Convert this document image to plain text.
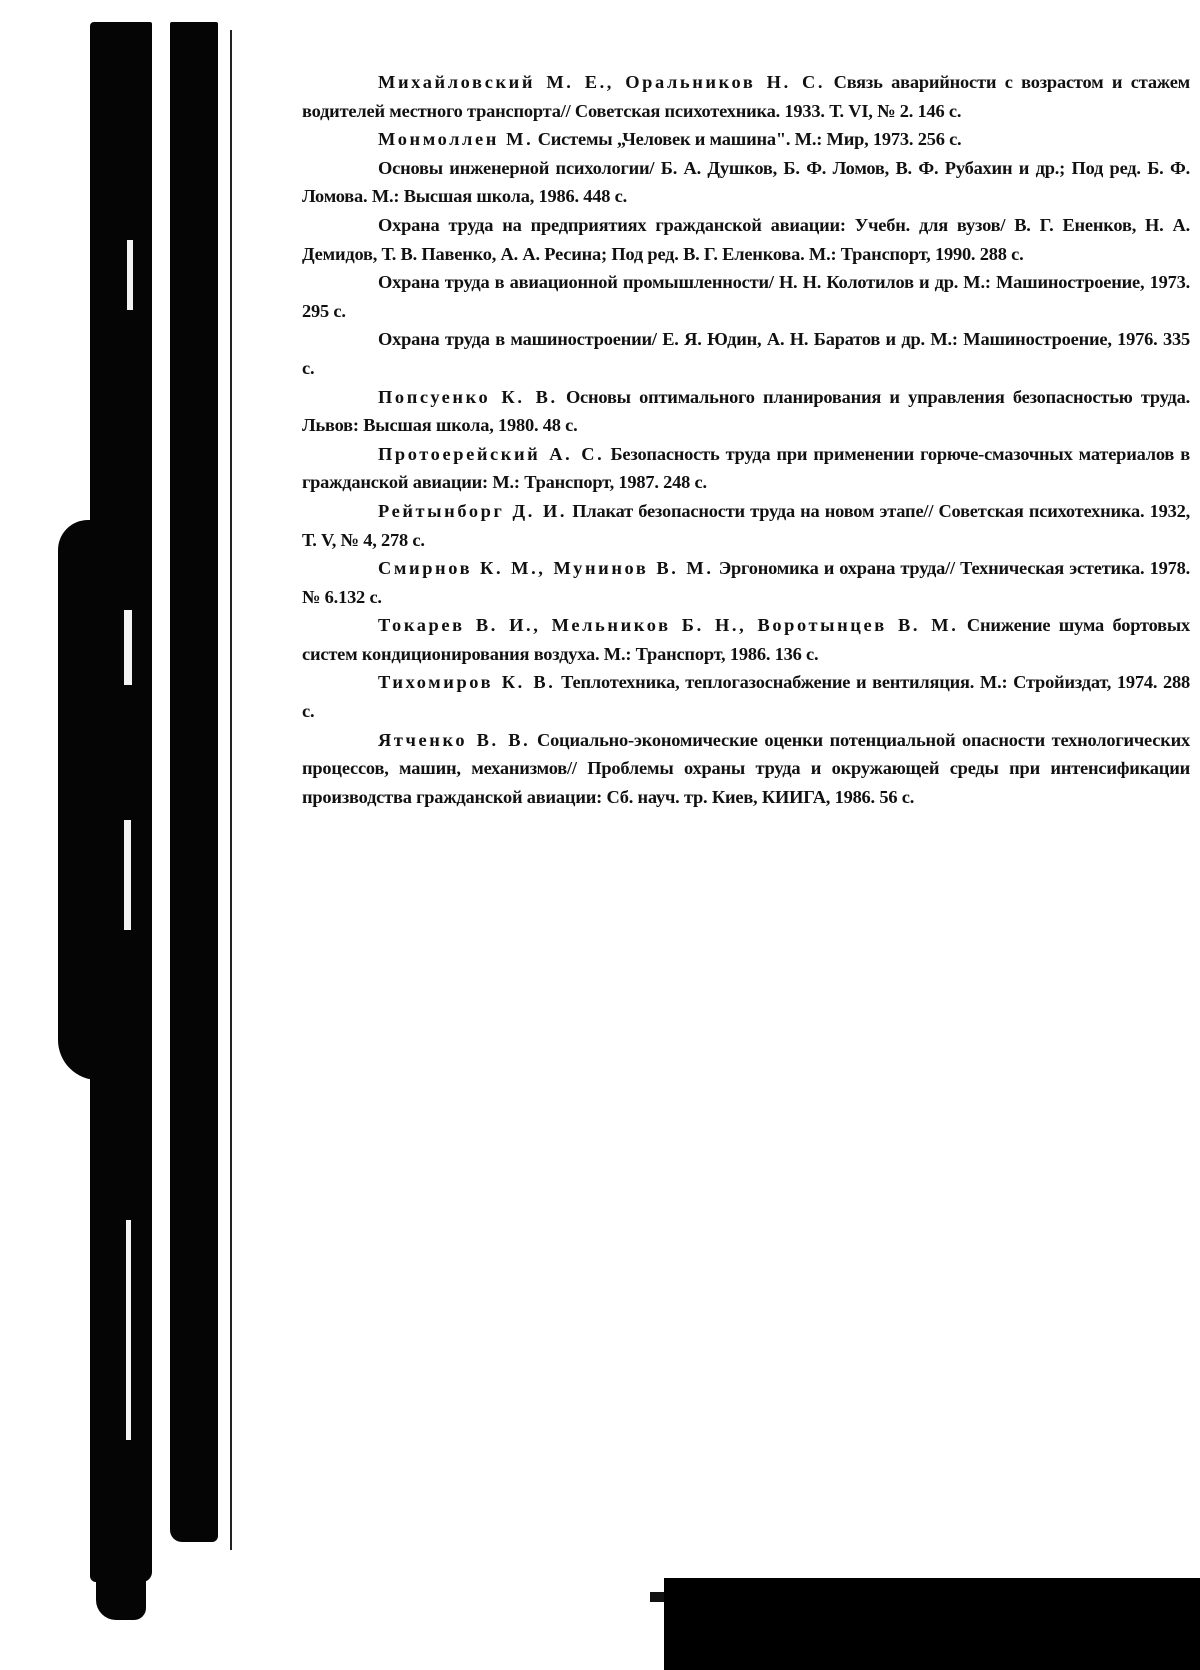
Михайловский М. Е., Оральников Н. С. Связь аварийности с возрастом и стажем водителей местного транспорта// Советская психотехника. 1933. Т. VI, № 2. 146 с.

Монмоллен М. Системы „Человек и машина". М.: Мир, 1973. 256 с.

Основы инженерной психологии/ Б. А. Душков, Б. Ф. Ломов, В. Ф. Рубахин и др.; Под ред. Б. Ф. Ломова. М.: Высшая школа, 1986. 448 с.

Охрана труда на предприятиях гражданской авиации: Учебн. для вузов/ В. Г. Ененков, Н. А. Демидов, Т. В. Павенко, А. А. Ресина; Под ред. В. Г. Еленкова. М.: Транспорт, 1990. 288 с.

Охрана труда в авиационной промышленности/ Н. Н. Колотилов и др. М.: Машиностроение, 1973. 295 с.

Охрана труда в машиностроении/ Е. Я. Юдин, А. Н. Баратов и др. М.: Машиностроение, 1976. 335 с.

Попсуенко К. В. Основы оптимального планирования и управления безопасностью труда. Львов: Высшая школа, 1980. 48 с.

Протоерейский А. С. Безопасность труда при применении горюче-смазочных материалов в гражданской авиации: М.: Транспорт, 1987. 248 с.

Рейтынборг Д. И. Плакат безопасности труда на новом этапе// Советская психотехника. 1932, Т. V, № 4, 278 с.

Смирнов К. М., Мунинов В. М. Эргономика и охрана труда// Техническая эстетика. 1978. № 6.132 с.

Токарев В. И., Мельников Б. Н., Воротынцев В. М. Снижение шума бортовых систем кондиционирования воздуха. М.: Транспорт, 1986. 136 с.

Тихомиров К. В. Теплотехника, теплогазоснабжение и вентиляция. М.: Стройиздат, 1974. 288 с.

Ятченко В. В. Социально-экономические оценки потенциальной опасности технологических процессов, машин, механизмов// Проблемы охраны труда и окружающей среды при интенсификации производства гражданской авиации: Сб. науч. тр. Киев, КИИГА, 1986. 56 с.
